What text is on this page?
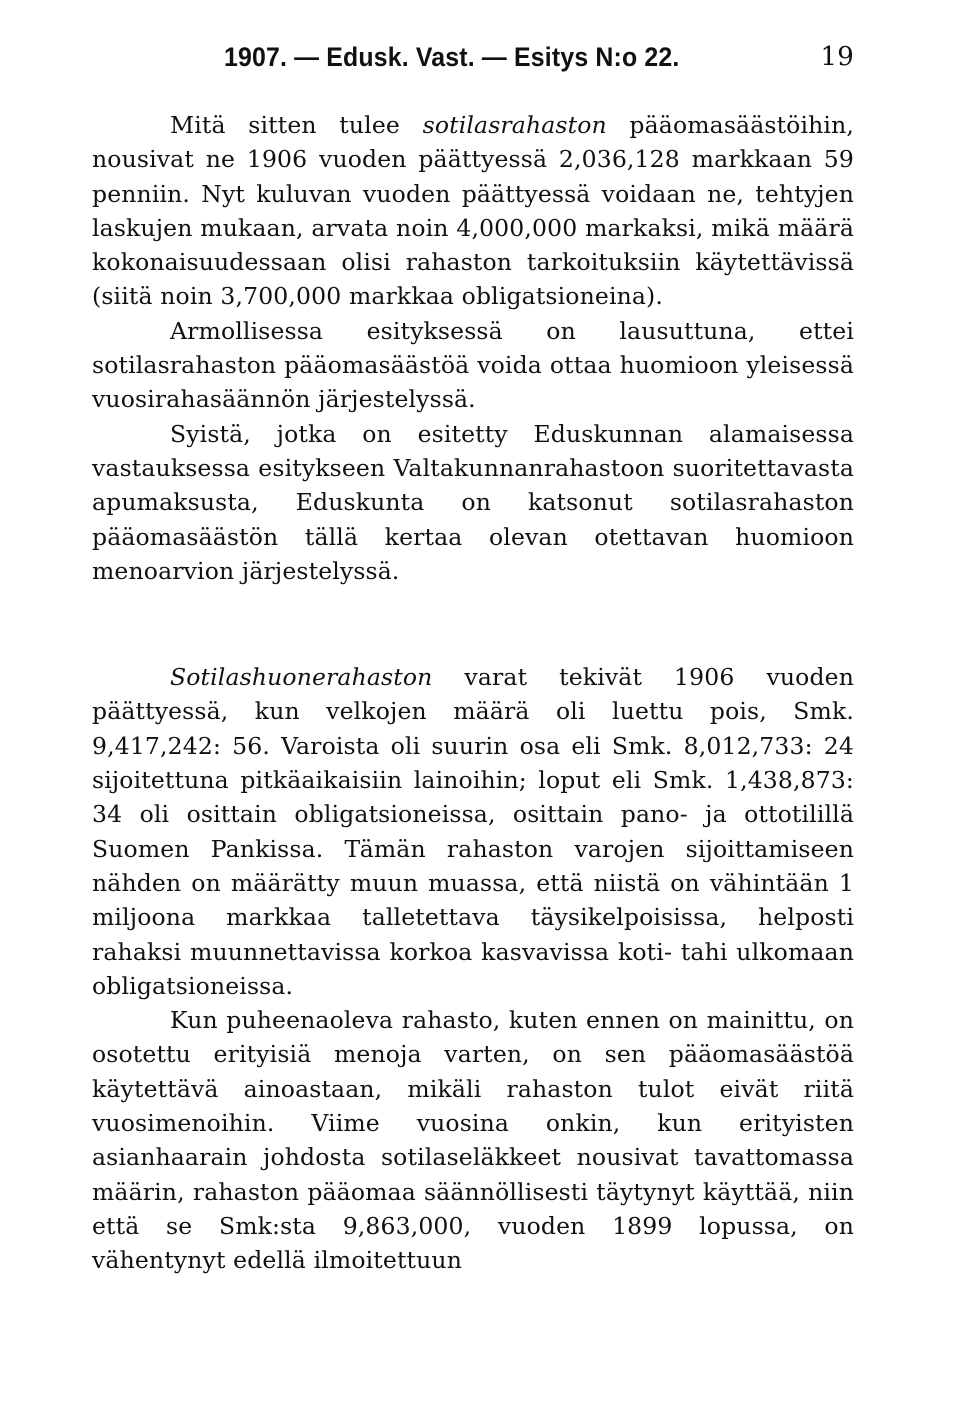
1907. — Edusk. Vast. — Esitys N:o 22.	19

Mitä sitten tulee sotilasrahaston pääomasäästöihin, nousivat ne 1906 vuoden päättyessä 2,036,128 markkaan 59 penniin. Nyt kuluvan vuoden päättyessä voidaan ne, tehtyjen laskujen mukaan, arvata noin 4,000,000 markaksi, mikä määrä kokonaisuudessaan olisi rahaston tarkoituksiin käytettävissä (siitä noin 3,700,000 markkaa obligatsioneina).

Armollisessa esityksessä on lausuttuna, ettei sotilasrahaston pääomasäästöä voida ottaa huomioon yleisessä vuosirahasäännön järjestelyssä.

Syistä, jotka on esitetty Eduskunnan alamaisessa vastauksessa esitykseen Valtakunnanrahastoon suoritettavasta apumaksusta, Eduskunta on katsonut sotilasrahaston pääomasäästön tällä kertaa olevan otettavan huomioon menoarvion järjestelyssä.

Sotilashuonerahaston varat tekivät 1906 vuoden päättyessä, kun velkojen määrä oli luettu pois, Smk. 9,417,242: 56. Varoista oli suurin osa eli Smk. 8,012,733: 24 sijoitettuna pitkäaikaisiin lainoihin; loput eli Smk. 1,438,873: 34 oli osittain obligatsioneissa, osittain pano- ja ottotilillä Suomen Pankissa. Tämän rahaston varojen sijoittamiseen nähden on määrätty muun muassa, että niistä on vähintään 1 miljoona markkaa talletettava täysikelpoisissa, helposti rahaksi muunnettavissa korkoa kasvavissa koti- tahi ulkomaan obligatsioneissa.

Kun puheenaoleva rahasto, kuten ennen on mainittu, on osotettu erityisiä menoja varten, on sen pääomasäästöä käytettävä ainoastaan, mikäli rahaston tulot eivät riitä vuosimenoihin. Viime vuosina onkin, kun erityisten asianhaarain johdosta sotilaseläkkeet nousivat tavattomassa määrin, rahaston pääomaa säännöllisesti täytynyt käyttää, niin että se Smk:sta 9,863,000, vuoden 1899 lopussa, on vähentynyt edellä ilmoitettuun
